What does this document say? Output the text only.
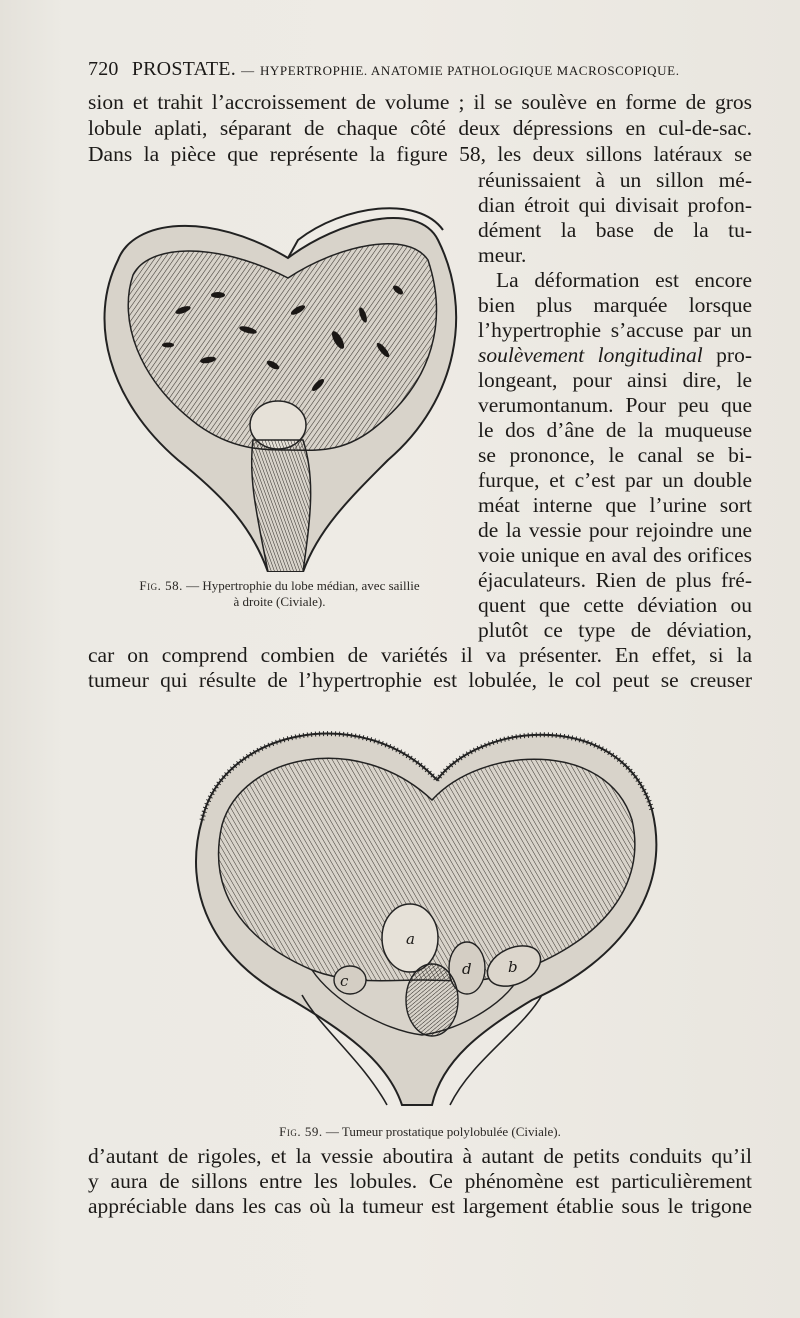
720 PROSTATE. — HYPERTROPHIE. ANATOMIE PATHOLOGIQUE MACROSCOPIQUE.
sion et trahit l’accroissement de volume ; il se soulève en forme de gros
lobule aplati, séparant de chaque côté deux dépressions en cul-de-sac.
Dans la pièce que représente la figure 58, les deux sillons latéraux se
réunissaient à un sillon mé-
dian étroit qui divisait profon-
dément la base de la tu-
meur.
La déformation est encore
bien plus marquée lorsque
l’hypertrophie s’accuse par un
soulèvement longitudinal pro-
longeant, pour ainsi dire, le
verumontanum. Pour peu que
le dos d’âne de la muqueuse
se prononce, le canal se bi-
furque, et c’est par un double
méat interne que l’urine sort
de la vessie pour rejoindre une
voie unique en aval des orifices
éjaculateurs. Rien de plus fré-
quent que cette déviation ou
plutôt ce type de déviation,
car on comprend combien de variétés il va présenter. En effet, si la
tumeur qui résulte de l’hypertrophie est lobulée, le col peut se creuser
d’autant de rigoles, et la vessie aboutira à autant de petits conduits qu’il
y aura de sillons entre les lobules. Ce phénomène est particulièrement
appréciable dans les cas où la tumeur est largement établie sous le trigone
Fig. 58. — Hypertrophie du lobe médian, avec saillie
à droite (Civiale).
a
b
c
d
Fig. 59. — Tumeur prostatique polylobulée (Civiale).
